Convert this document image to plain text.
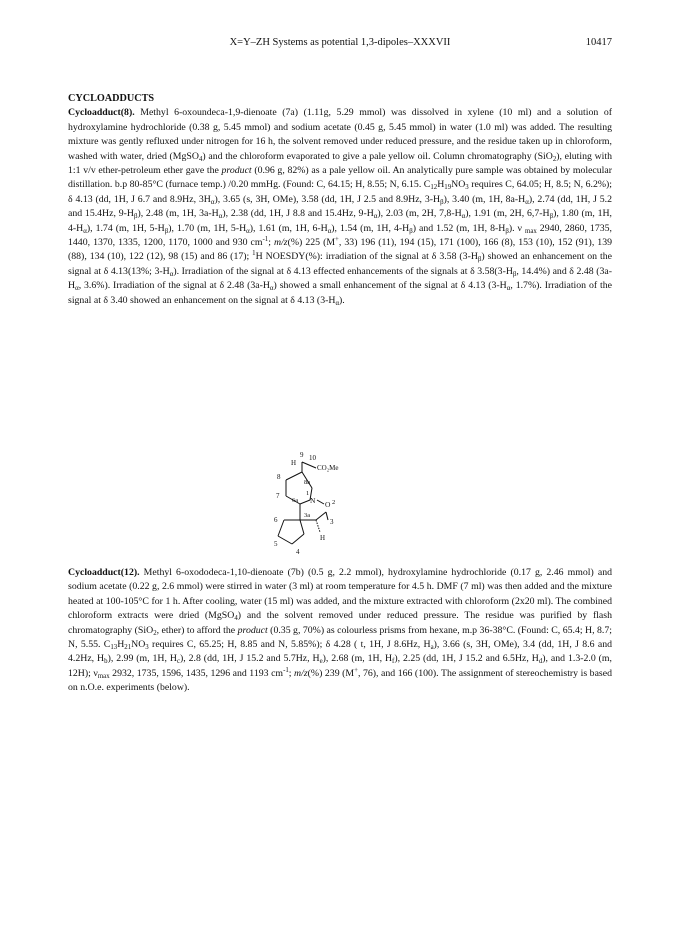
X=Y–ZH Systems as potential 1,3-dipoles–XXXVII	10417
CYCLOADDUCTS

Cycloadduct(8). Methyl 6-oxoundeca-1,9-dienoate (7a) (1.11g, 5.29 mmol) was dissolved in xylene (10 ml) and a solution of hydroxylamine hydrochloride (0.38 g, 5.45 mmol) and sodium acetate (0.45 g, 5.45 mmol) in water (1.0 ml) was added. The resulting mixture was gently refluxed under nitrogen for 16 h, the solvent removed under reduced pressure, and the residue taken up in chloroform, washed with water, dried (MgSO$_4$) and the chloroform evaporated to give a pale yellow oil. Column chromatography (SiO$_2$), eluting with 1:1 v/v ether-petroleum ether gave the product (0.96 g, 82%) as a pale yellow oil. An analytically pure sample was obtained by molecular distillation. b.p 80-85°C (furnace temp.) /0.20 mmHg. (Found: C, 64.15; H, 8.55; N, 6.15. $C_{12}H_{19}NO_3$ requires C, 64.05; H, 8.5; N, 6.2%); δ 4.13 (dd, 1H, J 6.7 and 8.9Hz, $3H_\alpha$), 3.65 (s, 3H, OMe), 3.58 (dd, 1H, J 2.5 and 8.9Hz, $3-H_\beta$), 3.40 (m, 1H, $8a-H_\alpha$), 2.74 (dd, 1H, J 5.2 and 15.4Hz, $9-H_\beta$), 2.48 (m, 1H, $3a-H_\alpha$), 2.38 (dd, 1H, J 8.8 and 15.4Hz, $9-H_\alpha$), 2.03 (m, 2H, $7,8-H_\alpha$), 1.91 (m, 2H, $6,7-H_\beta$), 1.80 (m, 1H, $4-H_\alpha$), 1.74 (m, 1H, $5-H_\beta$), 1.70 (m, 1H, $5-H_\alpha$), 1.61 (m, 1H, $6-H_\alpha$), 1.54 (m, 1H, $4-H_\beta$) and 1.52 (m, 1H, $8-H_\beta$). ν $_{max}$ 2940, 2860, 1735, 1440, 1370, 1335, 1200, 1170, 1000 and 930 $cm^{-1}$; m/z(%) 225 (M+, 33) 196 (11), 194 (15), 171 (100), 166 (8), 153 (10), 152 (91), 139 (88), 134 (10), 122 (12), 98 (15) and 86 (17); $^1$H NOESDY(%): irradiation of the signal at δ 3.58 $(3-H_\beta)$ showed an enhancement on the signal at δ 4.13(13%; $3-H_\alpha$). Irradiation of the signal at δ 4.13 effected enhancements of the signals at δ $3.58(3-H_\beta$, 14.4%) and δ 2.48 ($3a-H_\alpha$, 3.6%). Irradiation of the signal at δ 2.48 $(3a-H_\alpha)$ showed a small enhancement of the signal at δ 4.13 ($3-H_\alpha$, 1.7%). Irradiation of the signal at δ 3.40 showed an enhancement on the signal at δ 4.13 $(3-H_\alpha)$.

9 10
H
CO₂Me
8
8a
1
7
6a N O 2
6
3a
3
H
5
4

Cycloadduct(12). Methyl 6-oxododeca-1,10-dienoate (7b) (0.5 g, 2.2 mmol), hydroxylamine hydrochloride (0.17 g, 2.46 mmol) and sodium acetate (0.22 g, 2.6 mmol) were stirred in water (3 ml) at room temperature for 4.5 h. DMF (7 ml) was then added and the mixture heated at 100-105°C for 1 h. After cooling, water (15 ml) was added, and the mixture extracted with chloroform (2x20 ml). The combined chloroform extracts were dried (MgSO$_4$) and the solvent removed under reduced pressure. The residue was purified by flash chromatography (SiO$_2$, ether) to afford the product (0.35 g, 70%) as colourless prisms from hexane, m.p 36-38°C. (Found: C, 65.4; H, 8.7; N, 5.55. $C_{13}H_{21}NO_3$ requires C, 65.25; H, 8.85 and N, 5.85%); δ 4.28 ( t, 1H, J 8.6Hz, $H_a$), 3.66 (s, 3H, OMe), 3.4 (dd, 1H, J 8.6 and 4.2Hz, $H_b$), 2.99 (m, 1H, $H_c$), 2.8 (dd, 1H, J 15.2 and 5.7Hz, $H_e$), 2.68 (m, 1H, $H_f$), 2.25 (dd, 1H, J 15.2 and 6.5Hz, $H_d$), and 1.3-2.0 (m, 12H); $\nu_{max}$ 2932, 1735, 1596, 1435, 1296 and 1193 $cm^{-1}$; m/z(%) 239 (M+, 76), and 166 (100). The assignment of stereochemistry is based on n.O.e. experiments (below).
